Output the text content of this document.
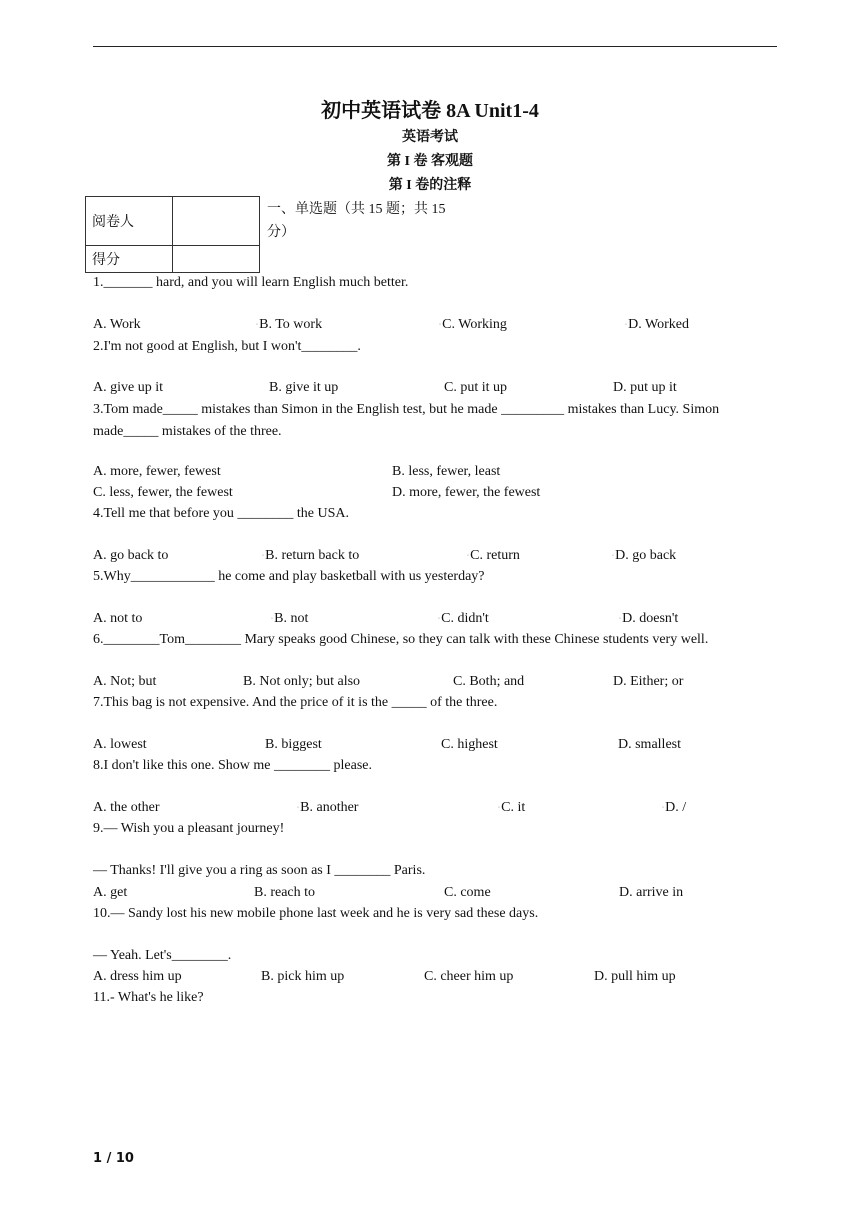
初中英语试卷 8A Unit1-4
英语考试
第 I 卷 客观题
第 I 卷的注释
阅卷人	
得分	
一、单选题（共 15 题；共 15 分）
1._______ hard, and you will learn English much better.
A. Work	◦B. To work	◦C. Working	◦D. Worked
2.I'm not good at English, but I won't________.
A. give up it	B. give it up	C. put it up	D. put up it
3.Tom made_____ mistakes than Simon in the English test, but he made _________ mistakes than Lucy. Simon made_____ mistakes of the three.
A. more, fewer, fewest	B. less, fewer, least
C. less, fewer, the fewest	D. more, fewer, the fewest
4.Tell me that before you ________ the USA.
A. go back to	◦B. return back to	◦C. return	◦D. go back
5.Why____________ he come and play basketball with us yesterday?
A. not to	◦B. not	◦C. didn't	◦D. doesn't
6.________Tom________ Mary speaks good Chinese, so they can talk with these Chinese students very well.
A. Not; but	B. Not only; but also	C. Both; and	D. Either; or
7.This bag is not expensive. And the price of it is the _____ of the three.
A. lowest	B. biggest	C. highest	D. smallest
8.I don't like this one. Show me ________ please.
A. the other	◦B. another	◦C. it	◦D. /
9.— Wish you a pleasant journey!
— Thanks! I'll give you a ring as soon as I ________ Paris.
A. get	B. reach to	C. come	D. arrive in
10.— Sandy lost his new mobile phone last week and he is very sad these days.
— Yeah. Let's________.
A. dress him up	B. pick him up	C. cheer him up	D. pull him up
11.- What's he like?
1 / 10
